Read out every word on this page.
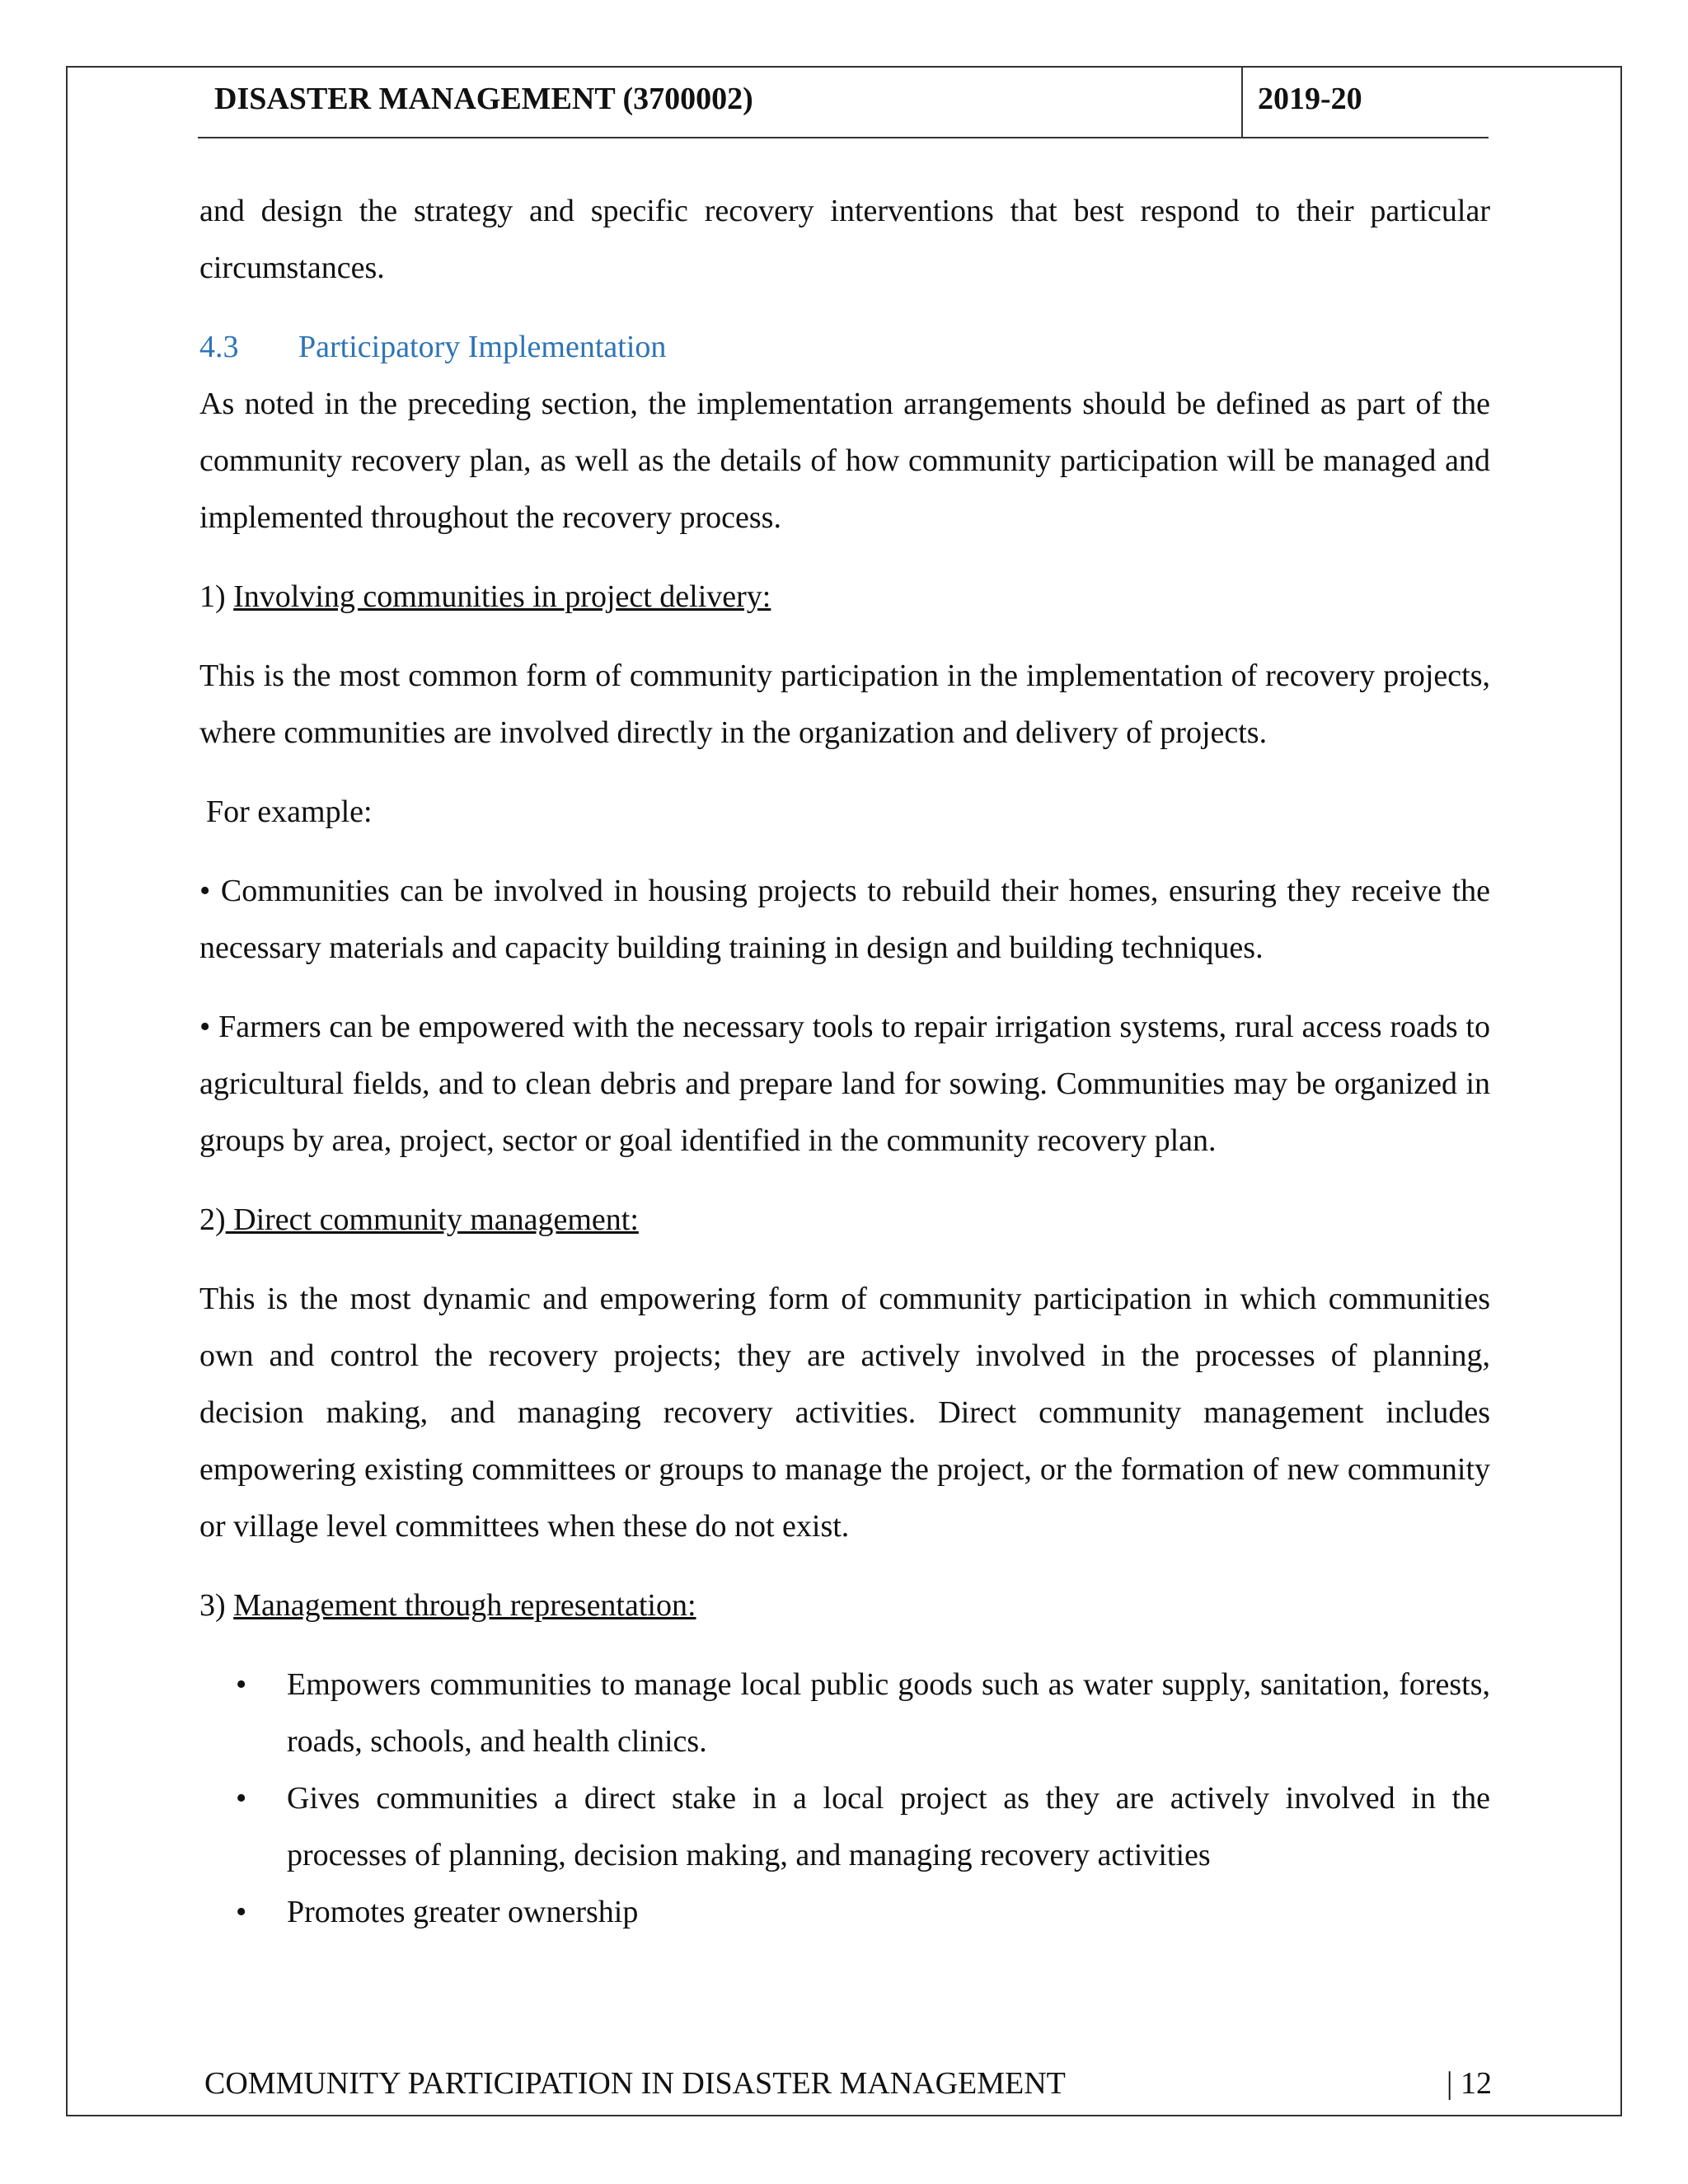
DISASTER MANAGEMENT (3700002)	2019-20

and design the strategy and specific recovery interventions that best respond to their particular circumstances.

4.3 Participatory Implementation

As noted in the preceding section, the implementation arrangements should be defined as part of the community recovery plan, as well as the details of how community participation will be managed and implemented throughout the recovery process.

1) Involving communities in project delivery:

This is the most common form of community participation in the implementation of recovery projects, where communities are involved directly in the organization and delivery of projects.

For example:

• Communities can be involved in housing projects to rebuild their homes, ensuring they receive the necessary materials and capacity building training in design and building techniques.

• Farmers can be empowered with the necessary tools to repair irrigation systems, rural access roads to agricultural fields, and to clean debris and prepare land for sowing. Communities may be organized in groups by area, project, sector or goal identified in the community recovery plan.

2) Direct community management:

This is the most dynamic and empowering form of community participation in which communities own and control the recovery projects; they are actively involved in the processes of planning, decision making, and managing recovery activities. Direct community management includes empowering existing committees or groups to manage the project, or the formation of new community or village level committees when these do not exist.

3) Management through representation:

• Empowers communities to manage local public goods such as water supply, sanitation, forests, roads, schools, and health clinics.
• Gives communities a direct stake in a local project as they are actively involved in the processes of planning, decision making, and managing recovery activities
• Promotes greater ownership
COMMUNITY PARTICIPATION IN DISASTER MANAGEMENT	| 12
